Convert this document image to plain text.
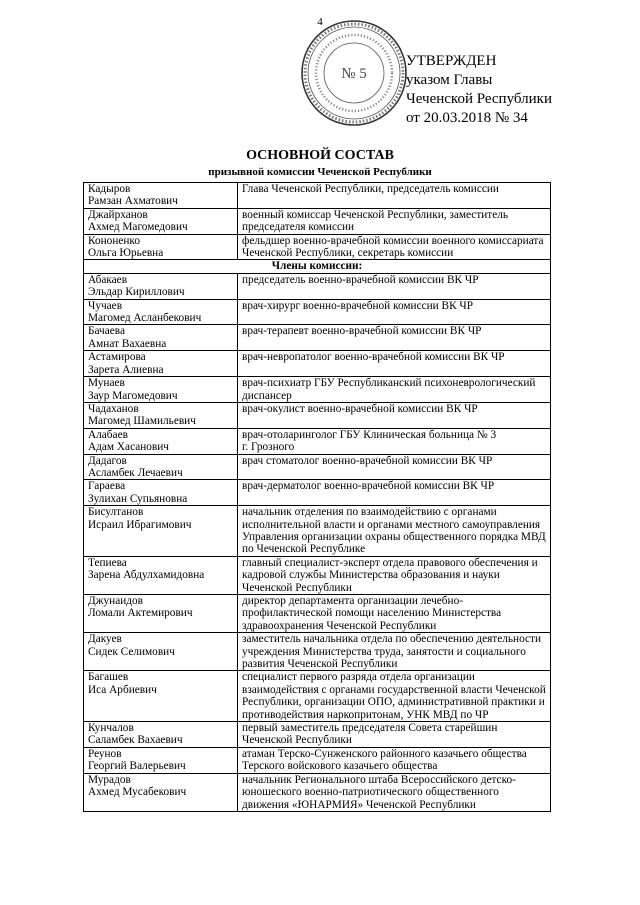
4
№ 5
УТВЕРЖДЕН
указом Главы
Чеченской Республики
от 20.03.2018 № 34
ОСНОВНОЙ СОСТАВ
призывной комиссии Чеченской Республики
Кадыров
Рамзан Ахматович	Глава Чеченской Республики, председатель комиссии
Джайрханов
Ахмед Магомедович	военный комиссар Чеченской Республики, заместитель председателя комиссии
Кононенко
Ольга Юрьевна	фельдшер военно-врачебной комиссии военного комиссариата Чеченской Республики, секретарь комиссии
Члены комиссии:	
Абакаев
Эльдар Кириллович	председатель военно-врачебной комиссии ВК ЧР
Чучаев
Магомед Асланбекович	врач-хирург военно-врачебной комиссии ВК ЧР
Бачаева
Амнат Вахаевна	врач-терапевт военно-врачебной комиссии ВК ЧР
Астамирова
Зарета Алиевна	врач-невропатолог военно-врачебной комиссии ВК ЧР
Мунаев
Заур Магомедович	врач-психиатр ГБУ Республиканский психоневрологический диспансер
Чадаханов
Магомед Шамильевич	врач-окулист военно-врачебной комиссии ВК ЧР
Алабаев
Адам Хасанович	врач-отоларинголог ГБУ Клиническая больница № 3
г. Грозного
Дадагов
Асламбек Лечаевич	врач стоматолог военно-врачебной комиссии ВК ЧР
Гараева
Зулихан Супьяновна	врач-дерматолог военно-врачебной комиссии ВК ЧР
Бисултанов
Исраил Ибрагимович	начальник отделения по взаимодействию с органами исполнительной власти и органами местного самоуправления Управления организации охраны общественного порядка МВД по Чеченской Республике
Тепиева
Зарена Абдулхамидовна	главный специалист-эксперт отдела правового обеспечения и кадровой службы Министерства образования и науки Чеченской Республики
Джунаидов
Ломали Актемирович	директор департамента организации лечебно-профилактической помощи населению Министерства здравоохранения Чеченской Республики
Дакуев
Сидек Селимович	заместитель начальника отдела по обеспечению деятельности учреждения Министерства труда, занятости и социального развития Чеченской Республики
Багашев
Иса Арбиевич	специалист первого разряда отдела организации взаимодействия с органами государственной власти Чеченской Республики, организации ОПО, административной практики и противодействия наркопритонам, УНК МВД по ЧР
Кунчалов
Саламбек Вахаевич	первый заместитель председателя Совета старейшин Чеченской Республики
Реунов
Георгий Валерьевич	атаман Терско-Сунженского районного казачьего общества Терского войскового казачьего общества
Мурадов
Ахмед Мусабекович	начальник Регионального штаба Всероссийского детско-юношеского военно-патриотического общественного движения «ЮНАРМИЯ» Чеченской Республики
